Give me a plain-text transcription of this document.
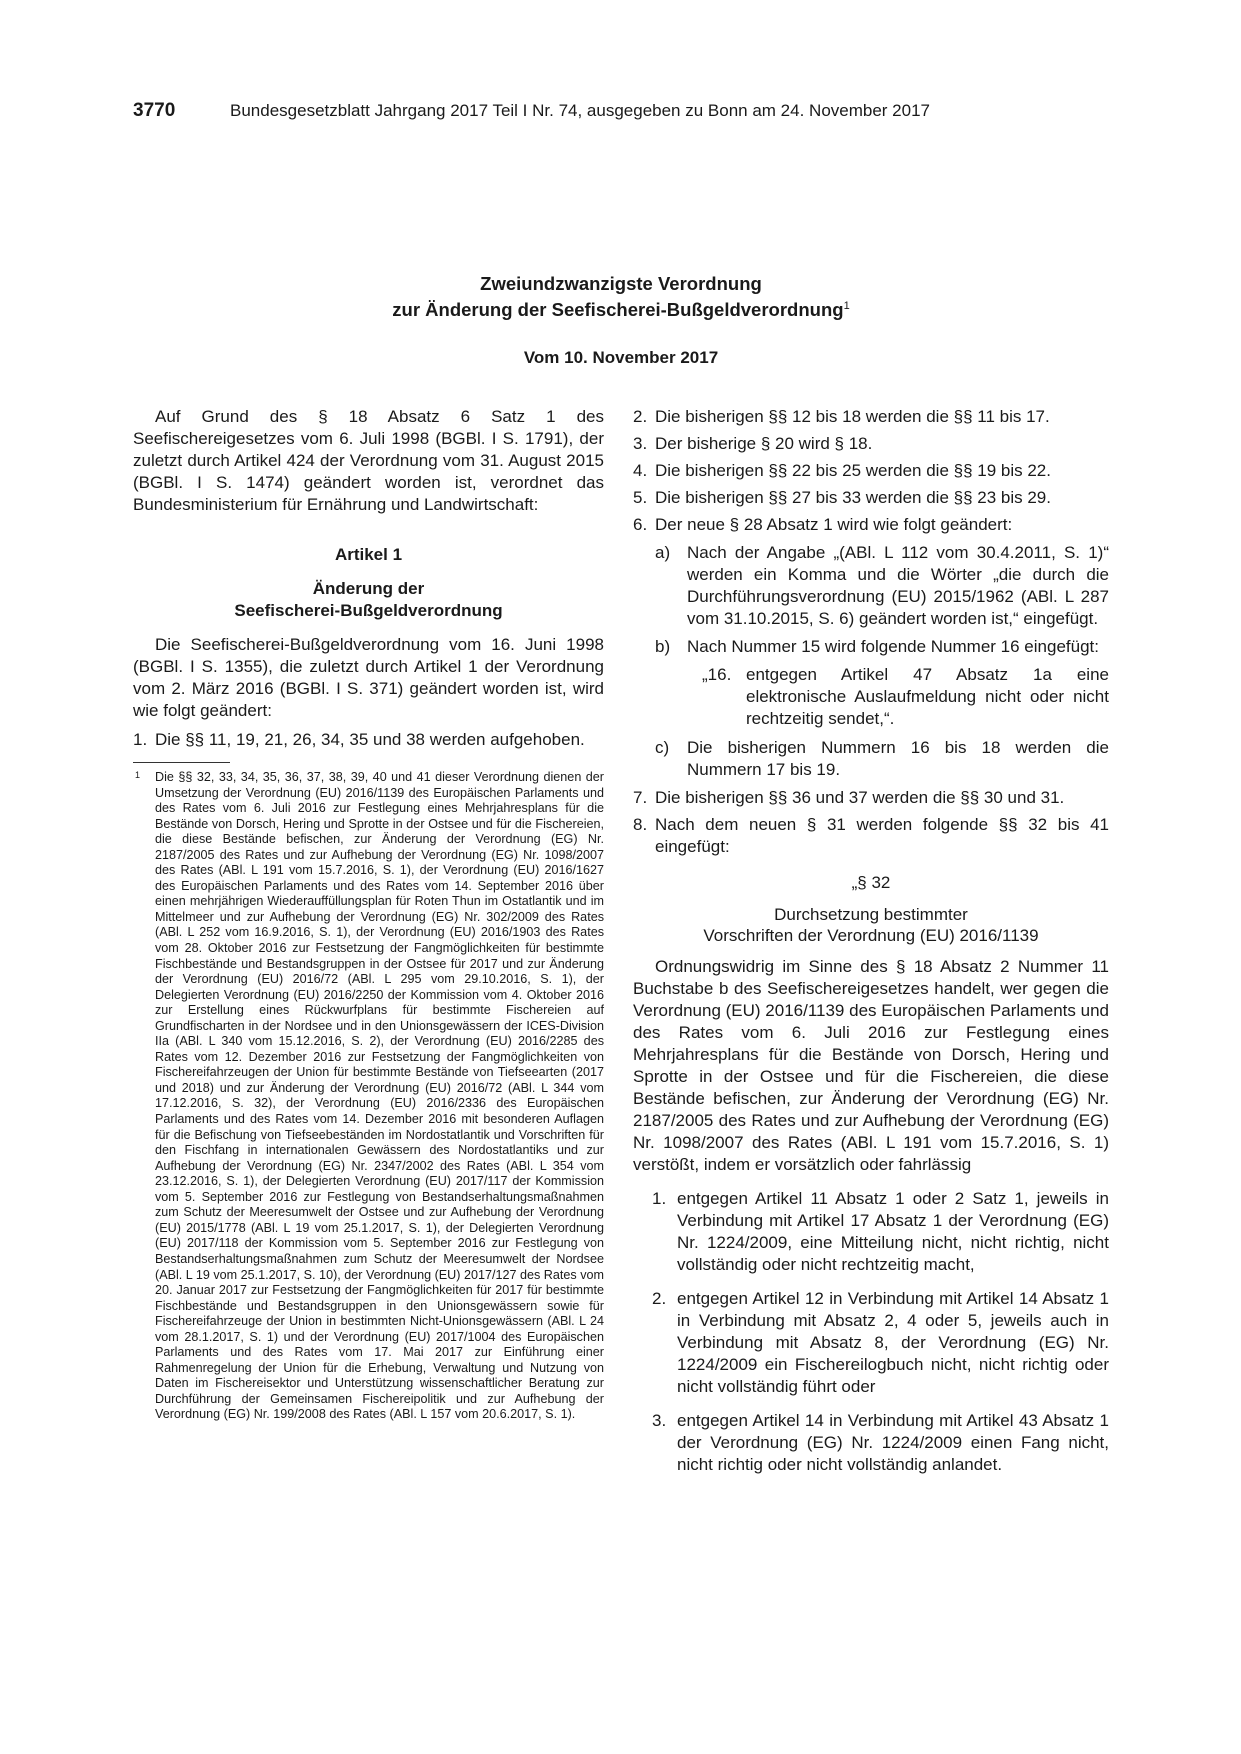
3770	Bundesgesetzblatt Jahrgang 2017 Teil I Nr. 74, ausgegeben zu Bonn am 24. November 2017
Zweiundzwanzigste Verordnung
zur Änderung der Seefischerei-Bußgeldverordnung$^1$
Vom 10. November 2017

Auf Grund des § 18 Absatz 6 Satz 1 des Seefischereigesetzes vom 6. Juli 1998 (BGBl. I S. 1791), der zuletzt durch Artikel 424 der Verordnung vom 31. August 2015 (BGBl. I S. 1474) geändert worden ist, verordnet das Bundesministerium für Ernährung und Landwirtschaft:

Artikel 1
Änderung der
Seefischerei-Bußgeldverordnung

Die Seefischerei-Bußgeldverordnung vom 16. Juni 1998 (BGBl. I S. 1355), die zuletzt durch Artikel 1 der Verordnung vom 2. März 2016 (BGBl. I S. 371) geändert worden ist, wird wie folgt geändert:

1. Die §§ 11, 19, 21, 26, 34, 35 und 38 werden aufgehoben.

1 Die §§ 32, 33, 34, 35, 36, 37, 38, 39, 40 und 41 dieser Verordnung dienen der Umsetzung der Verordnung (EU) 2016/1139 des Europäischen Parlaments und des Rates vom 6. Juli 2016 zur Festlegung eines Mehrjahresplans für die Bestände von Dorsch, Hering und Sprotte in der Ostsee und für die Fischereien, die diese Bestände befischen, zur Änderung der Verordnung (EG) Nr. 2187/2005 des Rates und zur Aufhebung der Verordnung (EG) Nr. 1098/2007 des Rates (ABl. L 191 vom 15.7.2016, S. 1), der Verordnung (EU) 2016/1627 des Europäischen Parlaments und des Rates vom 14. September 2016 über einen mehrjährigen Wiederauffüllungsplan für Roten Thun im Ostatlantik und im Mittelmeer und zur Aufhebung der Verordnung (EG) Nr. 302/2009 des Rates (ABl. L 252 vom 16.9.2016, S. 1), der Verordnung (EU) 2016/1903 des Rates vom 28. Oktober 2016 zur Festsetzung der Fangmöglichkeiten für bestimmte Fischbestände und Bestandsgruppen in der Ostsee für 2017 und zur Änderung der Verordnung (EU) 2016/72 (ABl. L 295 vom 29.10.2016, S. 1), der Delegierten Verordnung (EU) 2016/2250 der Kommission vom 4. Oktober 2016 zur Erstellung eines Rückwurfplans für bestimmte Fischereien auf Grundfischarten in der Nordsee und in den Unionsgewässern der ICES-Division IIa (ABl. L 340 vom 15.12.2016, S. 2), der Verordnung (EU) 2016/2285 des Rates vom 12. Dezember 2016 zur Festsetzung der Fangmöglichkeiten von Fischereifahrzeugen der Union für bestimmte Bestände von Tiefseearten (2017 und 2018) und zur Änderung der Verordnung (EU) 2016/72 (ABl. L 344 vom 17.12.2016, S. 32), der Verordnung (EU) 2016/2336 des Europäischen Parlaments und des Rates vom 14. Dezember 2016 mit besonderen Auflagen für die Befischung von Tiefseebeständen im Nordostatlantik und Vorschriften für den Fischfang in internationalen Gewässern des Nordostatlantiks und zur Aufhebung der Verordnung (EG) Nr. 2347/2002 des Rates (ABl. L 354 vom 23.12.2016, S. 1), der Delegierten Verordnung (EU) 2017/117 der Kommission vom 5. September 2016 zur Festlegung von Bestandserhaltungsmaßnahmen zum Schutz der Meeresumwelt der Ostsee und zur Aufhebung der Verordnung (EU) 2015/1778 (ABl. L 19 vom 25.1.2017, S. 1), der Delegierten Verordnung (EU) 2017/118 der Kommission vom 5. September 2016 zur Festlegung von Bestandserhaltungsmaßnahmen zum Schutz der Meeresumwelt der Nordsee (ABl. L 19 vom 25.1.2017, S. 10), der Verordnung (EU) 2017/127 des Rates vom 20. Januar 2017 zur Festsetzung der Fangmöglichkeiten für 2017 für bestimmte Fischbestände und Bestandsgruppen in den Unionsgewässern sowie für Fischereifahrzeuge der Union in bestimmten Nicht-Unionsgewässern (ABl. L 24 vom 28.1.2017, S. 1) und der Verordnung (EU) 2017/1004 des Europäischen Parlaments und des Rates vom 17. Mai 2017 zur Einführung einer Rahmenregelung der Union für die Erhebung, Verwaltung und Nutzung von Daten im Fischereisektor und Unterstützung wissenschaftlicher Beratung zur Durchführung der Gemeinsamen Fischereipolitik und zur Aufhebung der Verordnung (EG) Nr. 199/2008 des Rates (ABl. L 157 vom 20.6.2017, S. 1).

2. Die bisherigen §§ 12 bis 18 werden die §§ 11 bis 17.

3. Der bisherige § 20 wird § 18.

4. Die bisherigen §§ 22 bis 25 werden die §§ 19 bis 22.

5. Die bisherigen §§ 27 bis 33 werden die §§ 23 bis 29.

6. Der neue § 28 Absatz 1 wird wie folgt geändert:

a) Nach der Angabe „(ABl. L 112 vom 30.4.2011, S. 1)“ werden ein Komma und die Wörter „die durch die Durchführungsverordnung (EU) 2015/1962 (ABl. L 287 vom 31.10.2015, S. 6) geändert worden ist,“ eingefügt.

b) Nach Nummer 15 wird folgende Nummer 16 eingefügt:

„16. entgegen Artikel 47 Absatz 1a eine elektronische Auslaufmeldung nicht oder nicht rechtzeitig sendet,“.

c) Die bisherigen Nummern 16 bis 18 werden die Nummern 17 bis 19.

7. Die bisherigen §§ 36 und 37 werden die §§ 30 und 31.

8. Nach dem neuen § 31 werden folgende §§ 32 bis 41 eingefügt:

„§ 32
Durchsetzung bestimmter
Vorschriften der Verordnung (EU) 2016/1139

Ordnungswidrig im Sinne des § 18 Absatz 2 Nummer 11 Buchstabe b des Seefischereigesetzes handelt, wer gegen die Verordnung (EU) 2016/1139 des Europäischen Parlaments und des Rates vom 6. Juli 2016 zur Festlegung eines Mehrjahresplans für die Bestände von Dorsch, Hering und Sprotte in der Ostsee und für die Fischereien, die diese Bestände befischen, zur Änderung der Verordnung (EG) Nr. 2187/2005 des Rates und zur Aufhebung der Verordnung (EG) Nr. 1098/2007 des Rates (ABl. L 191 vom 15.7.2016, S. 1) verstößt, indem er vorsätzlich oder fahrlässig

1. entgegen Artikel 11 Absatz 1 oder 2 Satz 1, jeweils in Verbindung mit Artikel 17 Absatz 1 der Verordnung (EG) Nr. 1224/2009, eine Mitteilung nicht, nicht richtig, nicht vollständig oder nicht rechtzeitig macht,

2. entgegen Artikel 12 in Verbindung mit Artikel 14 Absatz 1 in Verbindung mit Absatz 2, 4 oder 5, jeweils auch in Verbindung mit Absatz 8, der Verordnung (EG) Nr. 1224/2009 ein Fischereilogbuch nicht, nicht richtig oder nicht vollständig führt oder

3. entgegen Artikel 14 in Verbindung mit Artikel 43 Absatz 1 der Verordnung (EG) Nr. 1224/2009 einen Fang nicht, nicht richtig oder nicht vollständig anlandet.
